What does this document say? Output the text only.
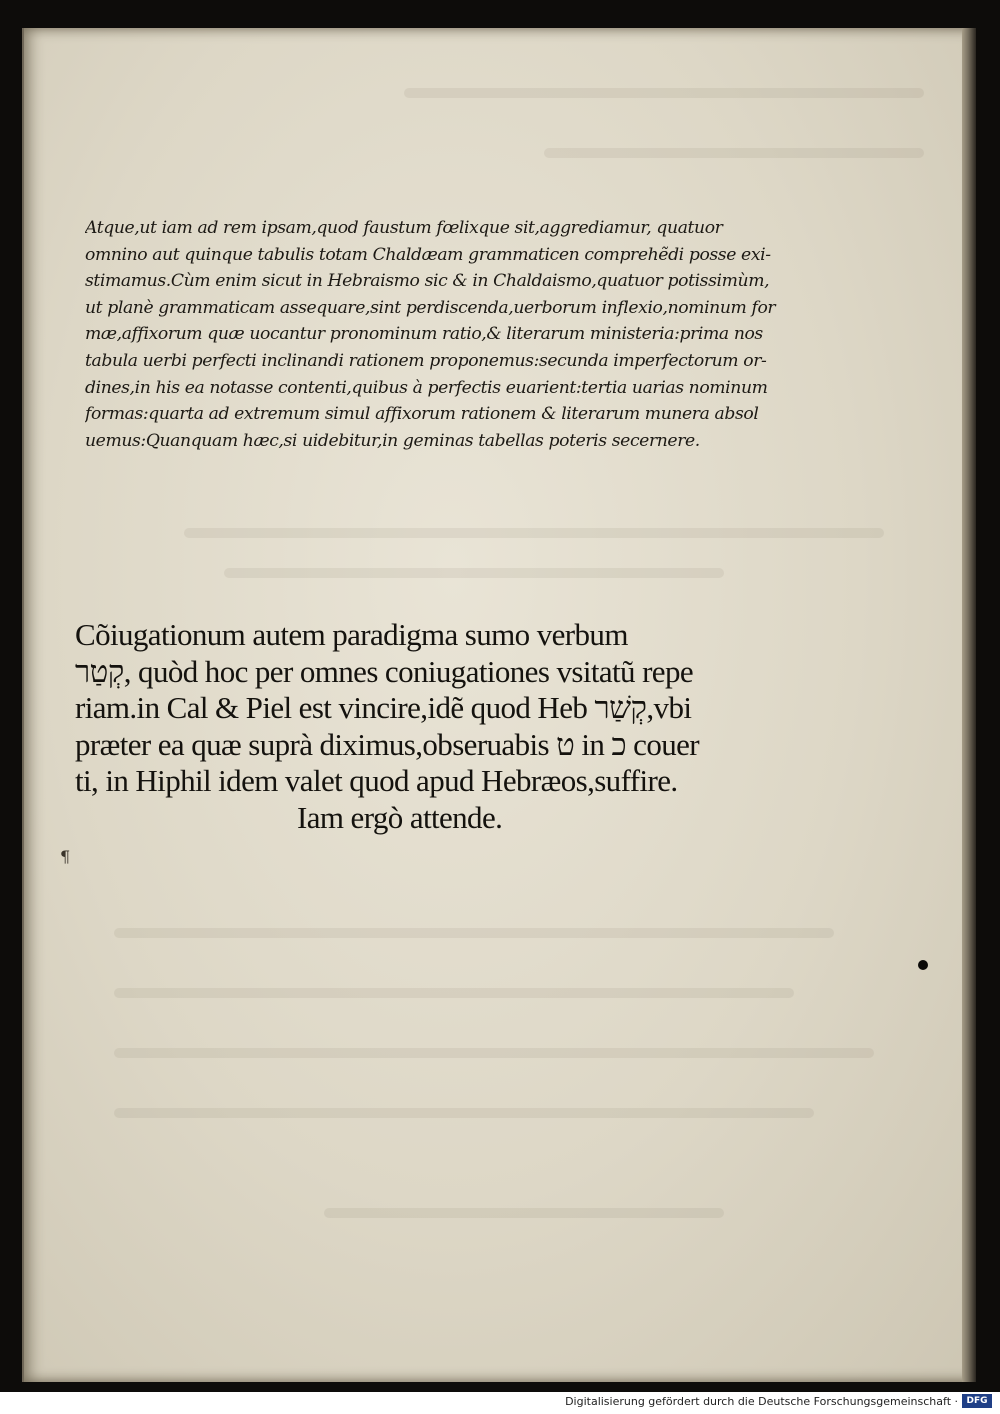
Atque,ut iam ad rem ipsam,quod faustum fœlixque sit,aggrediamur, quatuor
omnino aut quinque tabulis totam Chaldæam grammaticen comprehẽdi posse exi-
stimamus.Cùm enim sicut in Hebraismo sic & in Chaldaismo,quatuor potissimùm,
ut planè grammaticam assequare,sint perdiscenda,uerborum inflexio,nominum for
mæ,affixorum quæ uocantur pronominum ratio,& literarum ministeria:prima nos
tabula uerbi perfecti inclinandi rationem proponemus:secunda imperfectorum or-
dines,in his ea notasse contenti,quibus à perfectis euarient:tertia uarias nominum
formas:quarta ad extremum simul affixorum rationem & literarum munera absol
uemus:Quanquam hæc,si uidebitur,in geminas tabellas poteris secernere.
Cõiugationum autem paradigma sumo verbum
קְטַר, quòd hoc per omnes coniugationes vsitatũ repe
riam.in Cal & Piel est vincire,idẽ quod Heb קְשַׁר,vbi
prӕter ea quӕ suprà diximus,obseruabis ט in כ couer
ti, in Hiphil idem valet quod apud Hebræos,suffire.
Iam ergò attende.
¶
Digitalisierung gefördert durch die Deutsche Forschungsgemeinschaft · DFG
